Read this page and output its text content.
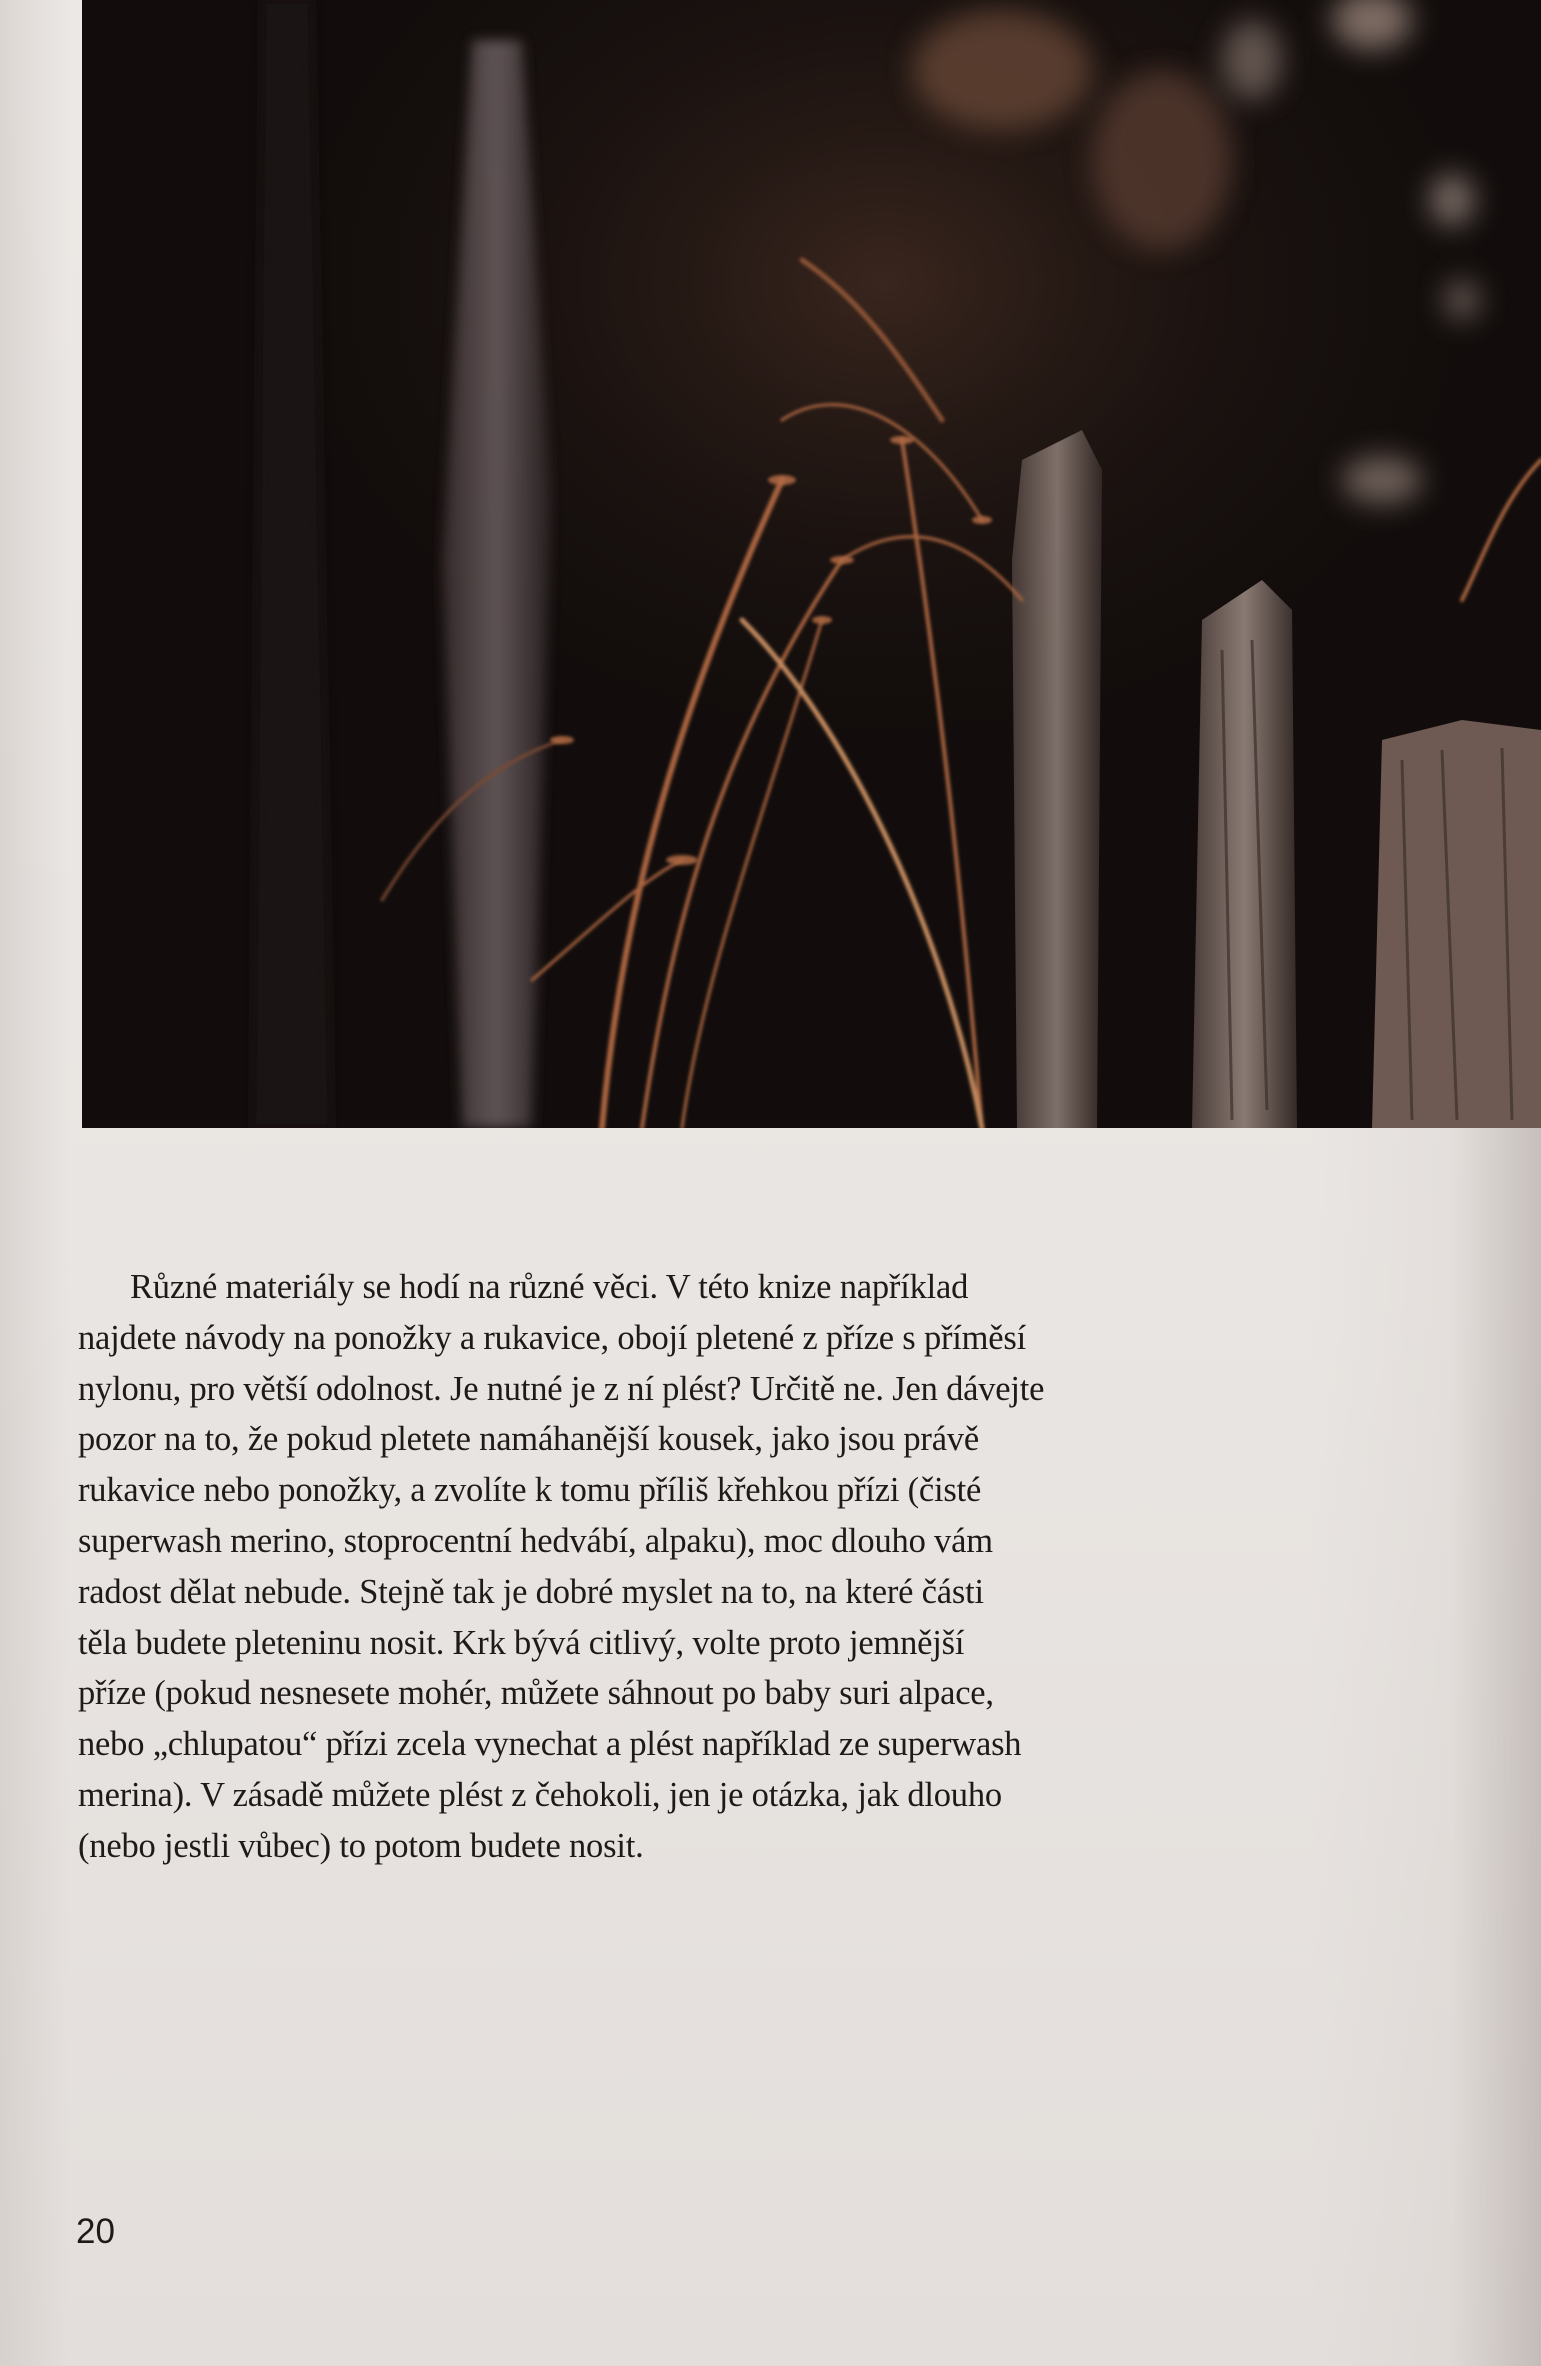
Různé materiály se hodí na různé věci. V této knize například
najdete návody na ponožky a rukavice, obojí pletené z příze s příměsí
nylonu, pro větší odolnost. Je nutné je z ní plést? Určitě ne. Jen dávejte
pozor na to, že pokud pletete namáhanější kousek, jako jsou právě
rukavice nebo ponožky, a zvolíte k tomu příliš křehkou přízi (čisté
superwash merino, stoprocentní hedvábí, alpaku), moc dlouho vám
radost dělat nebude. Stejně tak je dobré myslet na to, na které části
těla budete pleteninu nosit. Krk bývá citlivý, volte proto jemnější
příze (pokud nesnesete mohér, můžete sáhnout po baby suri alpace,
nebo „chlupatou“ přízi zcela vynechat a plést například ze superwash
merina). V zásadě můžete plést z čehokoli, jen je otázka, jak dlouho
(nebo jestli vůbec) to potom budete nosit.

20
